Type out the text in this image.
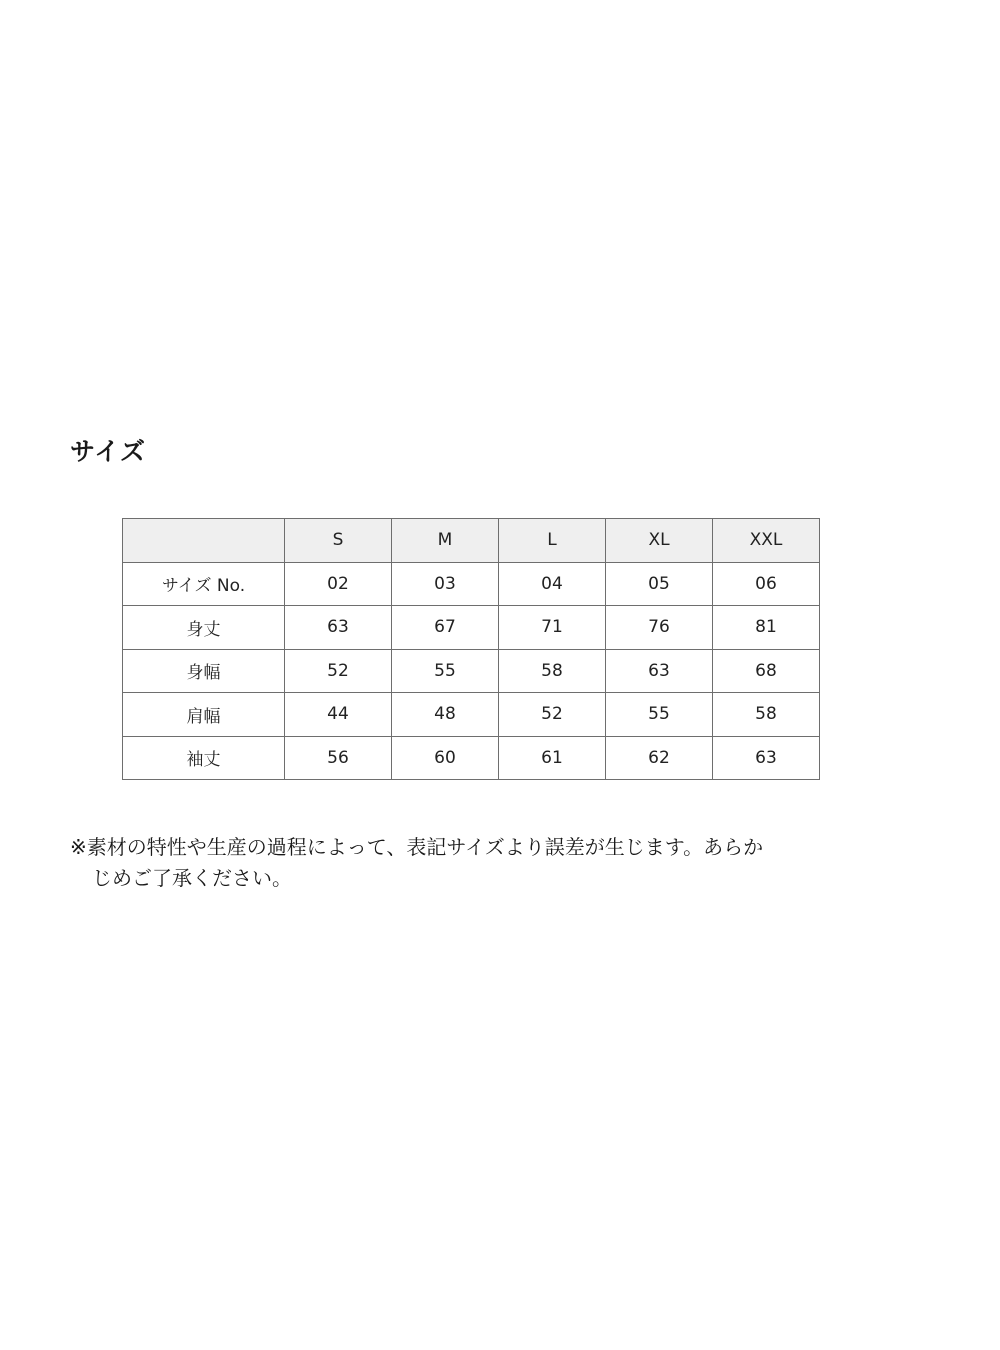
サイズ
	S	M	L	XL	XXL
サイズ No.	02	03	04	05	06
身丈	63	67	71	76	81
身幅	52	55	58	63	68
肩幅	44	48	52	55	58
袖丈	56	60	61	62	63

※素材の特性や生産の過程によって、表記サイズより誤差が生じます。あらか
じめご了承ください。
